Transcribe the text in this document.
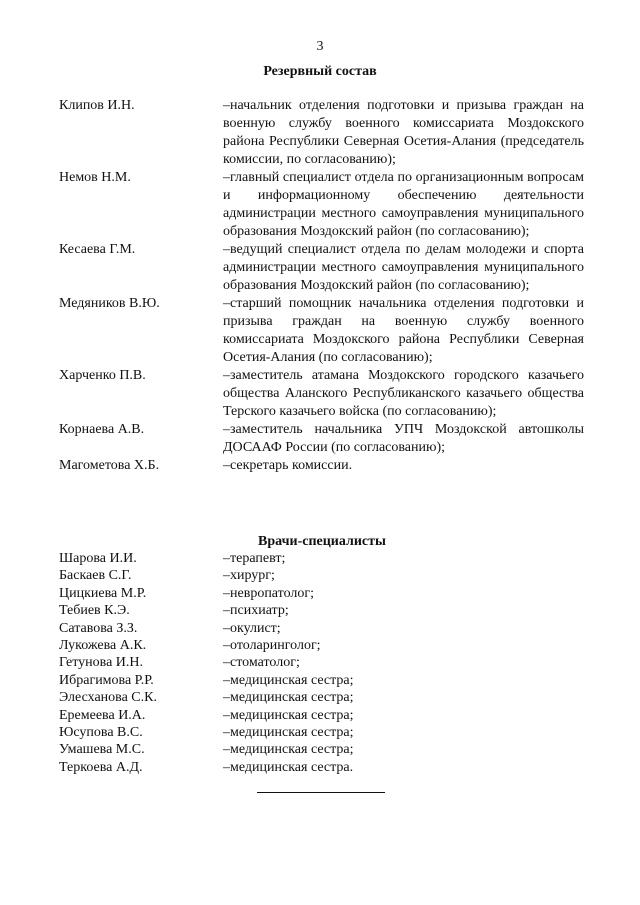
3
Резервный состав
Клипов И.Н.	–начальник отделения подготовки и призыва граждан на военную службу военного комиссариата Моздокского района Республики Северная Осетия-Алания (председатель комиссии, по согласованию);
Немов Н.М.	–главный специалист отдела по организационным вопросам и информационному обеспечению деятельности администрации местного самоуправления муниципального образования Моздокский район (по согласованию);
Кесаева Г.М.	–ведущий специалист отдела по делам молодежи и спорта администрации местного самоуправления муниципального образования Моздокский район (по согласованию);
Медяников В.Ю.	–старший помощник начальника отделения подготовки и призыва граждан на военную службу военного комиссариата Моздокского района Республики Северная Осетия-Алания (по согласованию);
Харченко П.В.	–заместитель атамана Моздокского городского казачьего общества Аланского Республиканского казачьего общества Терского казачьего войска (по согласованию);
Корнаева А.В.	–заместитель начальника УПЧ Моздокской автошколы ДОСААФ России (по согласованию);
Магометова Х.Б.	–секретарь комиссии.
Врачи-специалисты
Шарова И.И.	–терапевт;
Баскаев С.Г.	–хирург;
Цицкиева М.Р.	–невропатолог;
Тебиев К.Э.	–психиатр;
Сатавова З.З.	–окулист;
Лукожева А.К.	–отоларинголог;
Гетунова И.Н.	–стоматолог;
Ибрагимова Р.Р.	–медицинская сестра;
Элесханова С.К.	–медицинская сестра;
Еремеева И.А.	–медицинская сестра;
Юсупова В.С.	–медицинская сестра;
Умашева М.С.	–медицинская сестра;
Теркоева А.Д.	–медицинская сестра.
